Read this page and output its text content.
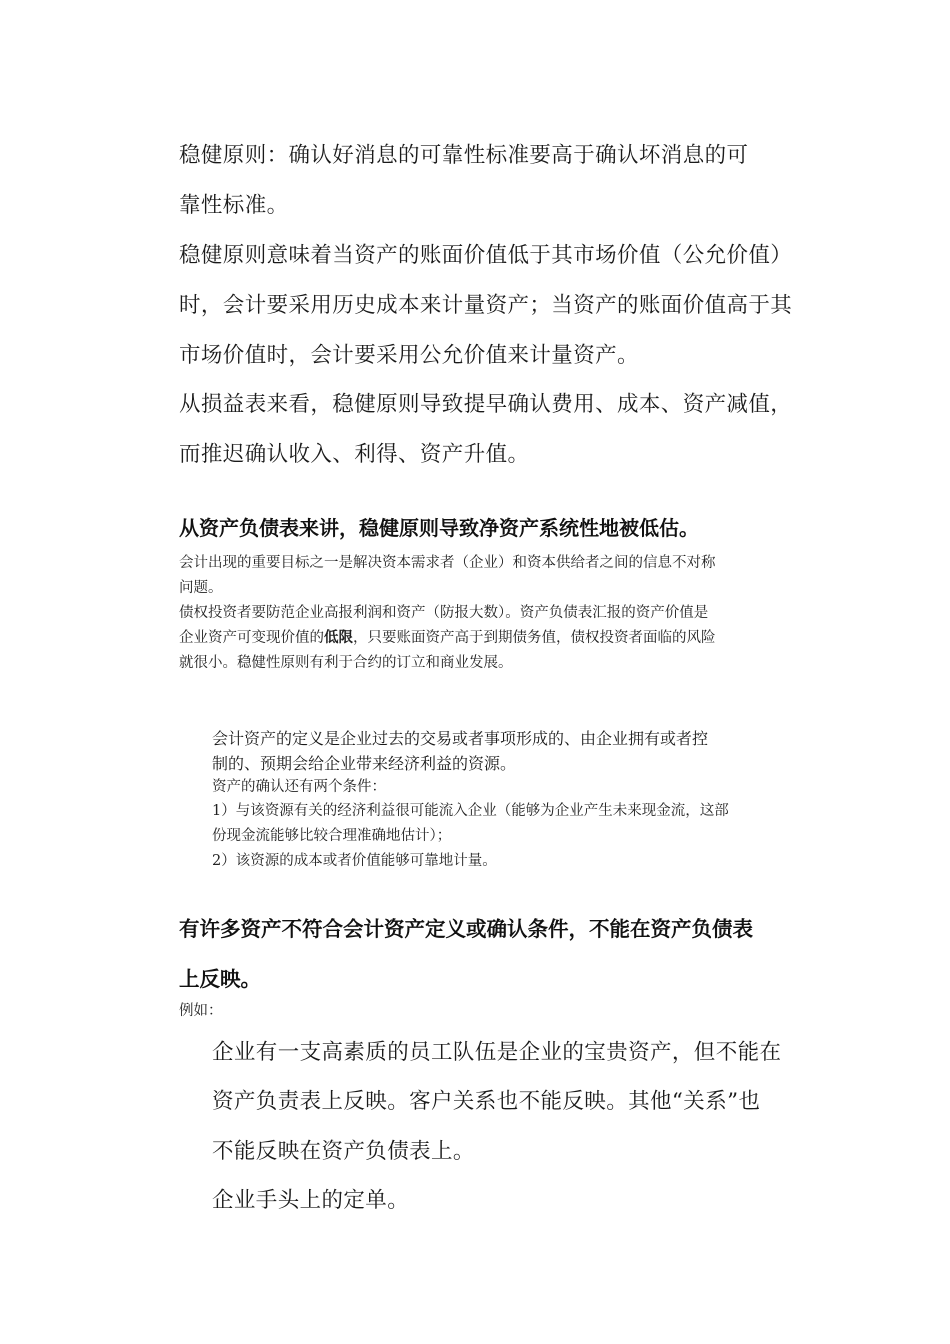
稳健原则：确认好消息的可靠性标准要高于确认坏消息的可
靠性标准。
稳健原则意味着当资产的账面价值低于其市场价值（公允价值）
时，会计要采用历史成本来计量资产；当资产的账面价值高于其
市场价值时，会计要采用公允价值来计量资产。
从损益表来看，稳健原则导致提早确认费用、成本、资产减值，
而推迟确认收入、利得、资产升值。
从资产负债表来讲，稳健原则导致净资产系统性地被低估。
会计出现的重要目标之一是解决资本需求者（企业）和资本供给者之间的信息不对称
问题。
债权投资者要防范企业高报利润和资产（防报大数）。资产负债表汇报的资产价值是
企业资产可变现价值的低限，只要账面资产高于到期债务值，债权投资者面临的风险
就很小。稳健性原则有利于合约的订立和商业发展。
会计资产的定义是企业过去的交易或者事项形成的、由企业拥有或者控
制的、预期会给企业带来经济利益的资源。
资产的确认还有两个条件：
1）与该资源有关的经济利益很可能流入企业（能够为企业产生未来现金流，这部
份现金流能够比较合理准确地估计）；
2）该资源的成本或者价值能够可靠地计量。
有许多资产不符合会计资产定义或确认条件，不能在资产负债表
上反映。
例如：
企业有一支高素质的员工队伍是企业的宝贵资产，但不能在
资产负责表上反映。客户关系也不能反映。其他“关系”也
不能反映在资产负债表上。
企业手头上的定单。
